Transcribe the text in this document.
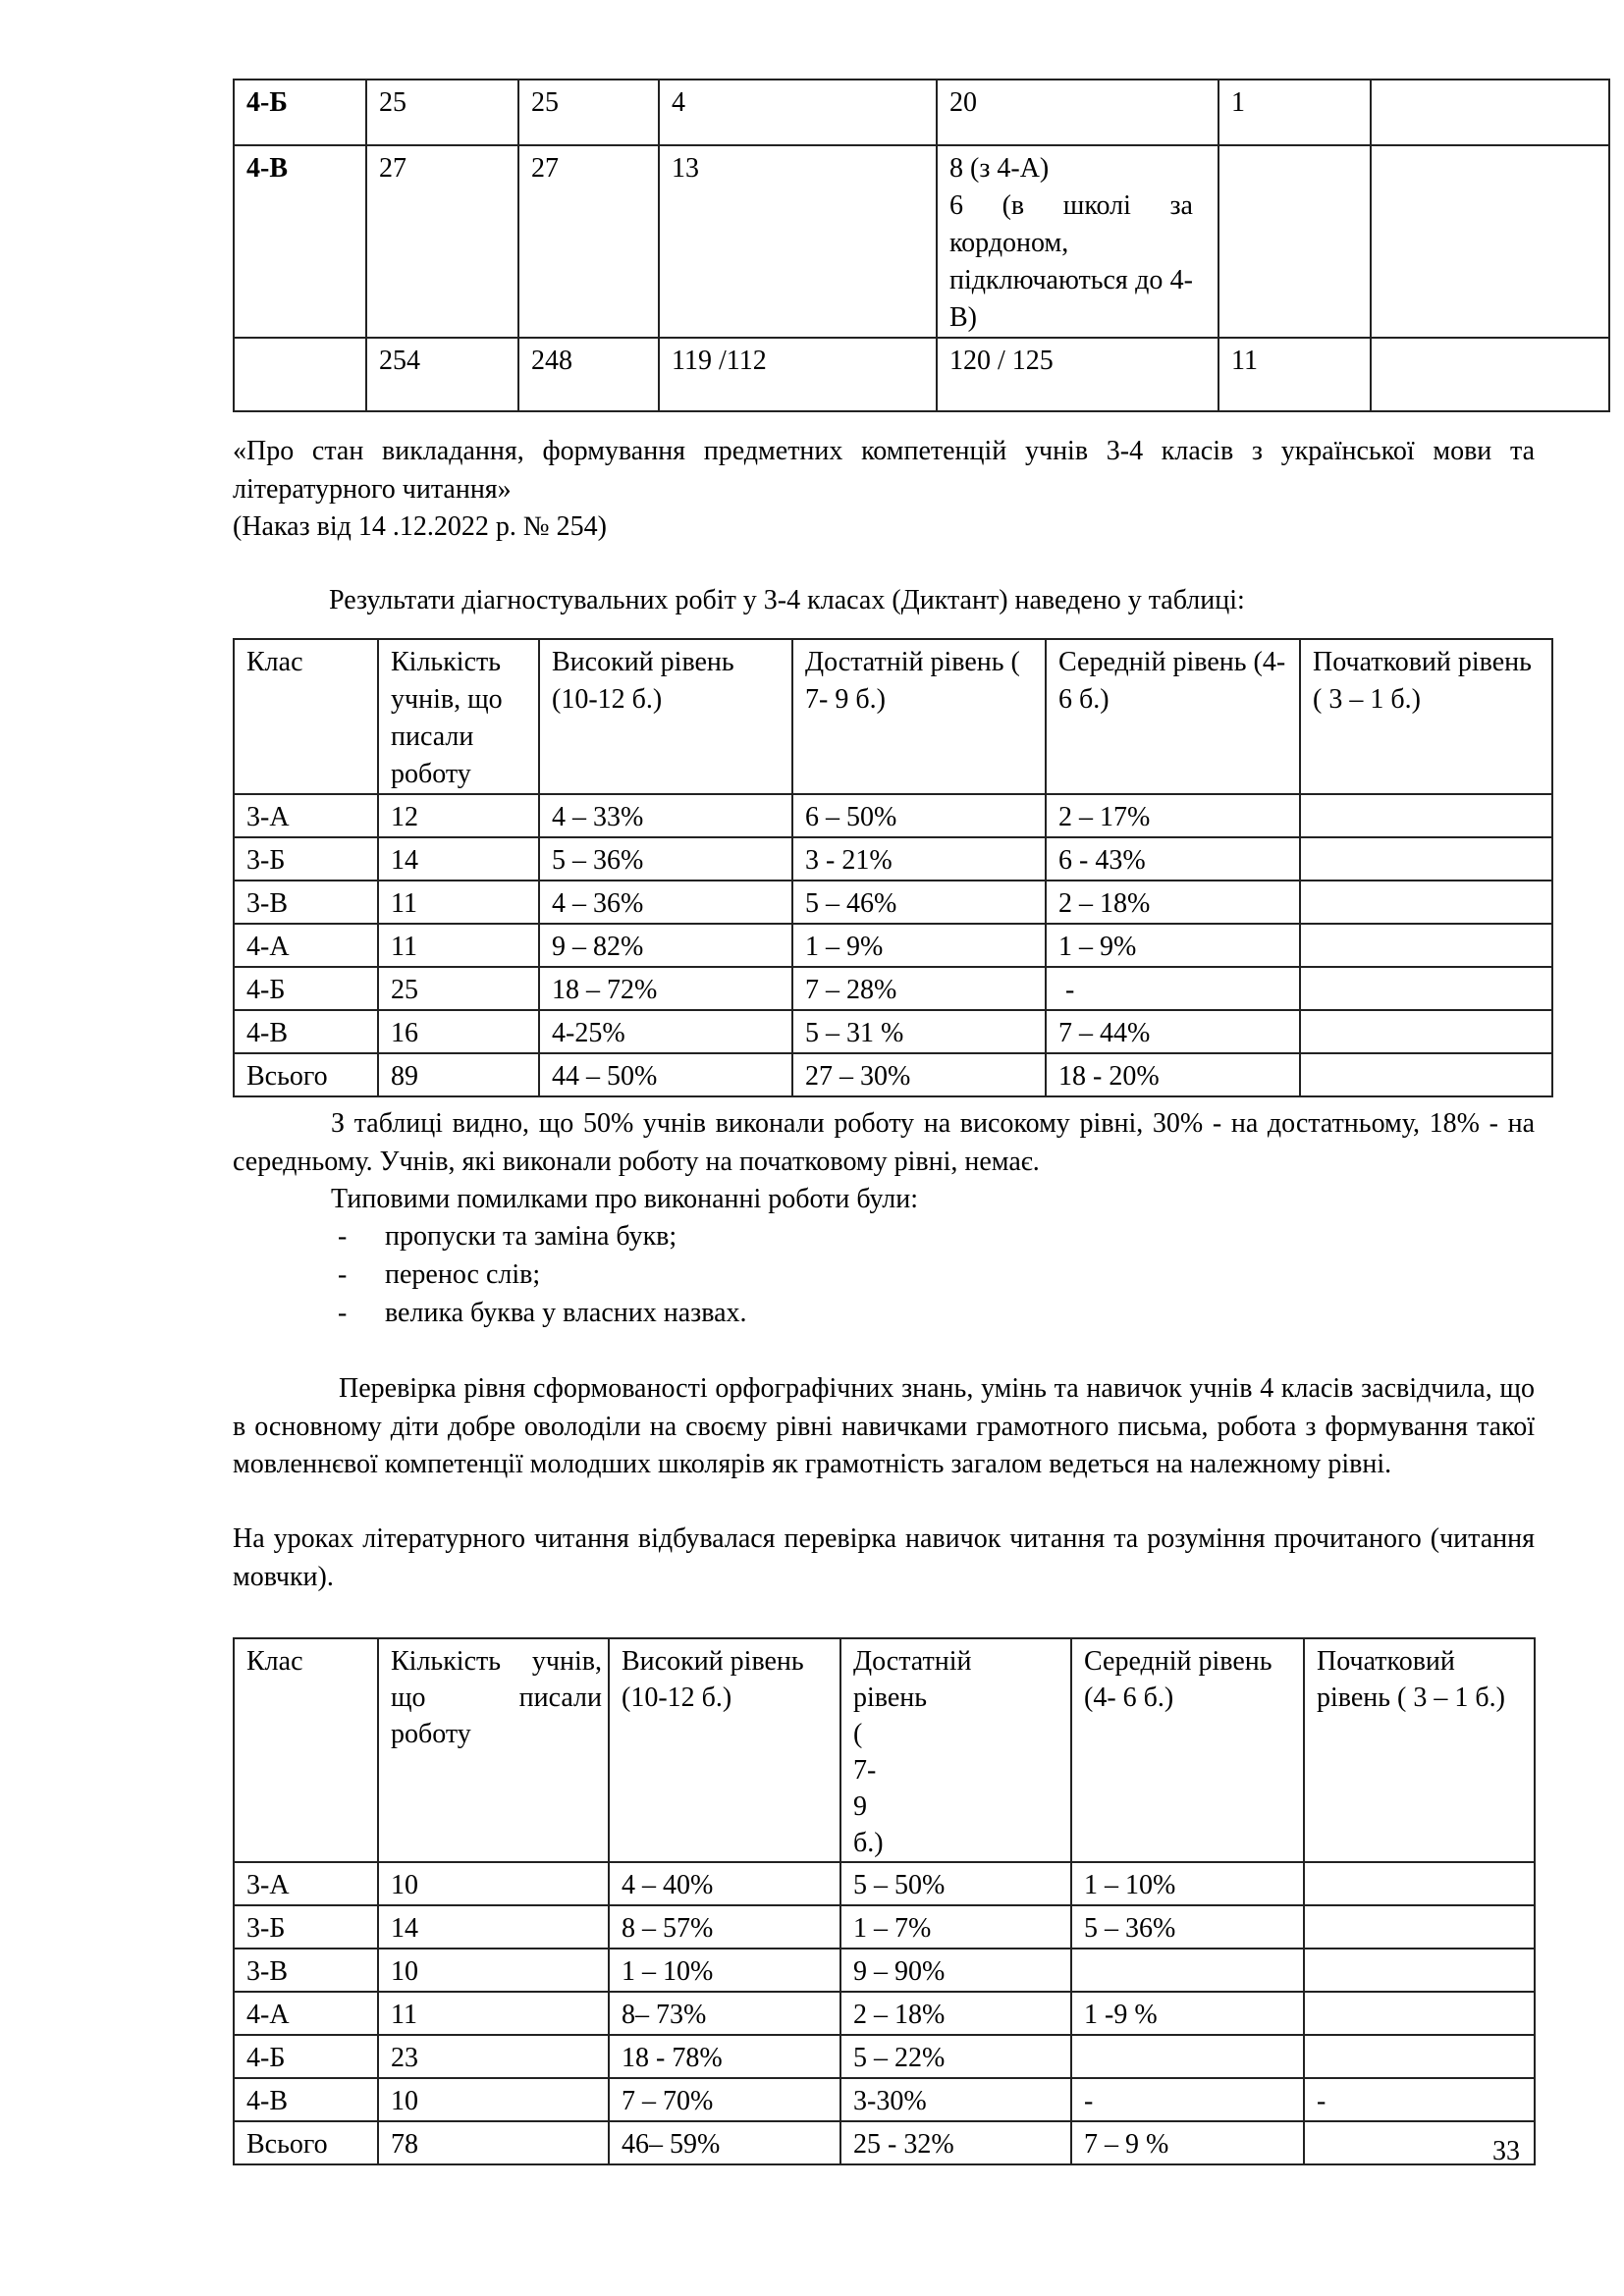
4-Б	25	25	4	20	1	
4-В	27	27	13	8 (з 4-А)
6 (в школі за кордоном, підключаються до 4-В)		

	254	248	119 /112	120 / 125	11	

«Про стан викладання, формування предметних компетенцій учнів 3-4 класів з української мови та літературного читання»

(Наказ від 14 .12.2022 р. № 254)

Результати діагностувальних робіт у 3-4 класах (Диктант) наведено у таблиці:

Клас	Кількість учнів, що писали роботу	Високий рівень (10-12 б.)	Достатній рівень ( 7- 9 б.)	Середній рівень (4- 6 б.)	Початковий рівень ( 3 – 1 б.)
3-А	12	4 – 33%	6 – 50%	2 – 17%	
3-Б	14	5 – 36%	3 - 21%	6 - 43%	
3-В	11	4 – 36%	5 – 46%	2 – 18%	
4-А	11	9 – 82%	1 – 9%	1 – 9%	
4-Б	25	18 – 72%	7 – 28%	-	
4-В	16	4-25%	5 – 31 %	7 – 44%	
Всього	89	44 – 50%	27 – 30%	18 - 20%	

З таблиці видно, що 50% учнів виконали роботу на високому рівні, 30% - на достатньому, 18% - на середньому. Учнів, які виконали роботу на початковому рівні, немає.

Типовими помилками про виконанні роботи були:

- пропуски та заміна букв;
- перенос слів;
- велика буква у власних назвах.

Перевірка рівня сформованості орфографічних знань, умінь та навичок учнів 4 класів засвідчила, що в основному діти добре оволоділи на своєму рівні навичками грамотного письма, робота з формування такої мовленнєвої компетенції молодших школярів як грамотність загалом ведеться на належному рівні.

На уроках літературного читання відбувалася перевірка навичок читання та розуміння прочитаного (читання мовчки).

Клас	Кількість учнів, що писали роботу	Високий рівень (10-12 б.)	Достатній рівень ( 7- 9 б.)	Середній рівень (4- 6 б.)	Початковий рівень ( 3 – 1 б.)
3-А	10	4 – 40%	5 – 50%	1 – 10%	
3-Б	14	8 – 57%	1 – 7%	5 – 36%	
3-В	10	1 – 10%	9 – 90%		
4-А	11	8– 73%	2 – 18%	1 -9 %	
4-Б	23	18 - 78%	5 – 22%		
4-В	10	7 – 70%	3-30%	-	-
Всього	78	46– 59%	25 - 32%	7 – 9 %		33
